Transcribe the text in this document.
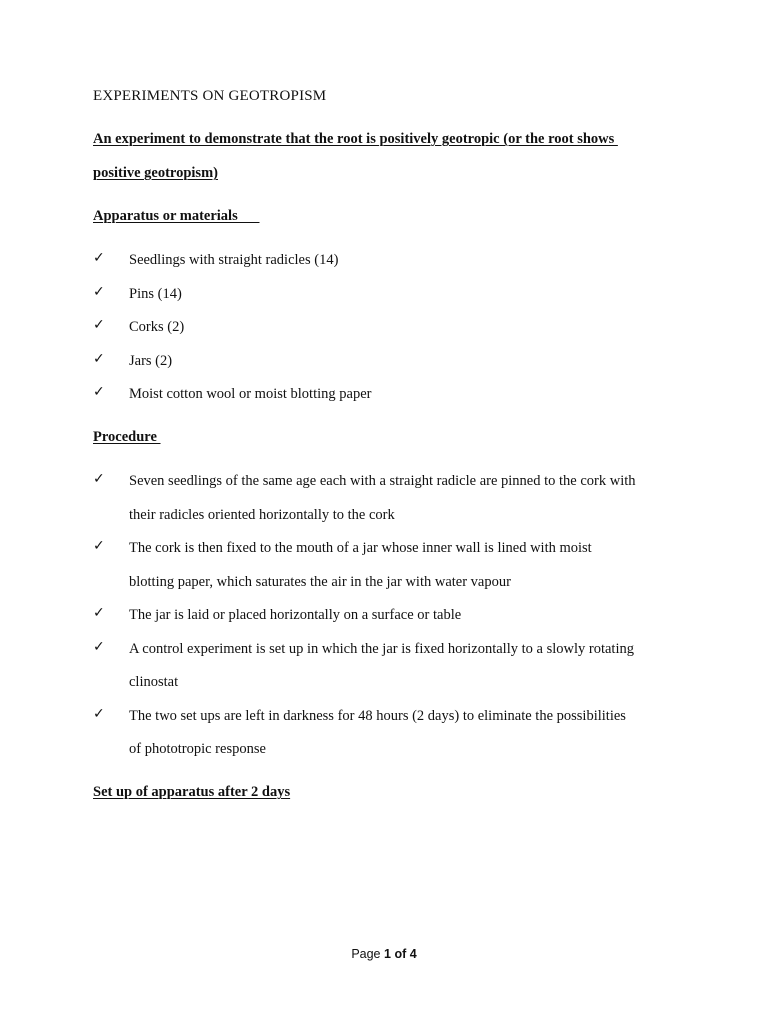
EXPERIMENTS ON GEOTROPISM
An experiment to demonstrate that the root is positively geotropic (or the root shows
positive geotropism)
Apparatus or materials
✓ Seedlings with straight radicles (14)
✓ Pins (14)
✓ Corks (2)
✓ Jars (2)
✓ Moist cotton wool or moist blotting paper
Procedure
✓ Seven seedlings of the same age each with a straight radicle are pinned to the cork with
their radicles oriented horizontally to the cork
✓ The cork is then fixed to the mouth of a jar whose inner wall is lined with moist
blotting paper, which saturates the air in the jar with water vapour
✓ The jar is laid or placed horizontally on a surface or table
✓ A control experiment is set up in which the jar is fixed horizontally to a slowly rotating
clinostat
✓ The two set ups are left in darkness for 48 hours (2 days) to eliminate the possibilities
of phototropic response
Set up of apparatus after 2 days
Page 1 of 4
